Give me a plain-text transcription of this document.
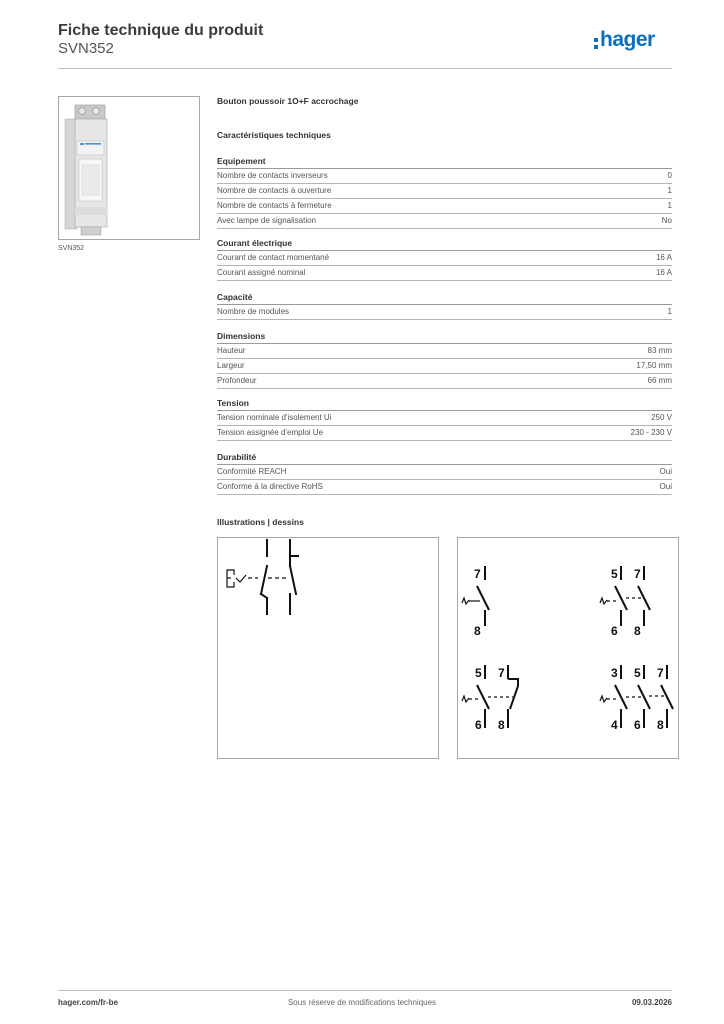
Fiche technique du produit
SVN352	hager
SVN352
Bouton poussoir 1O+F accrochage
Caractéristiques techniques
Equipement
Nombre de contacts inverseurs	0
Nombre de contacts à ouverture	1
Nombre de contacts à fermeture	1
Avec lampe de signalisation	No
Courant électrique
Courant de contact momentané	16 A
Courant assigné nominal	16 A
Capacité
Nombre de modules	1
Dimensions
Hauteur	83 mm
Largeur	17,50 mm
Profondeur	66 mm
Tension
Tension nominale d'isolement Ui	250 V
Tension assignée d'emploi Ue	230 - 230 V
Durabilité
Conformité REACH	Oui
Conforme à la directive RoHS	Oui
Illustrations | dessins
7
8
5 7
6 8
5 7
6 8
3 5 7
4 6 8
hager.com/fr-be	Sous réserve de modifications techniques	09.03.2026
